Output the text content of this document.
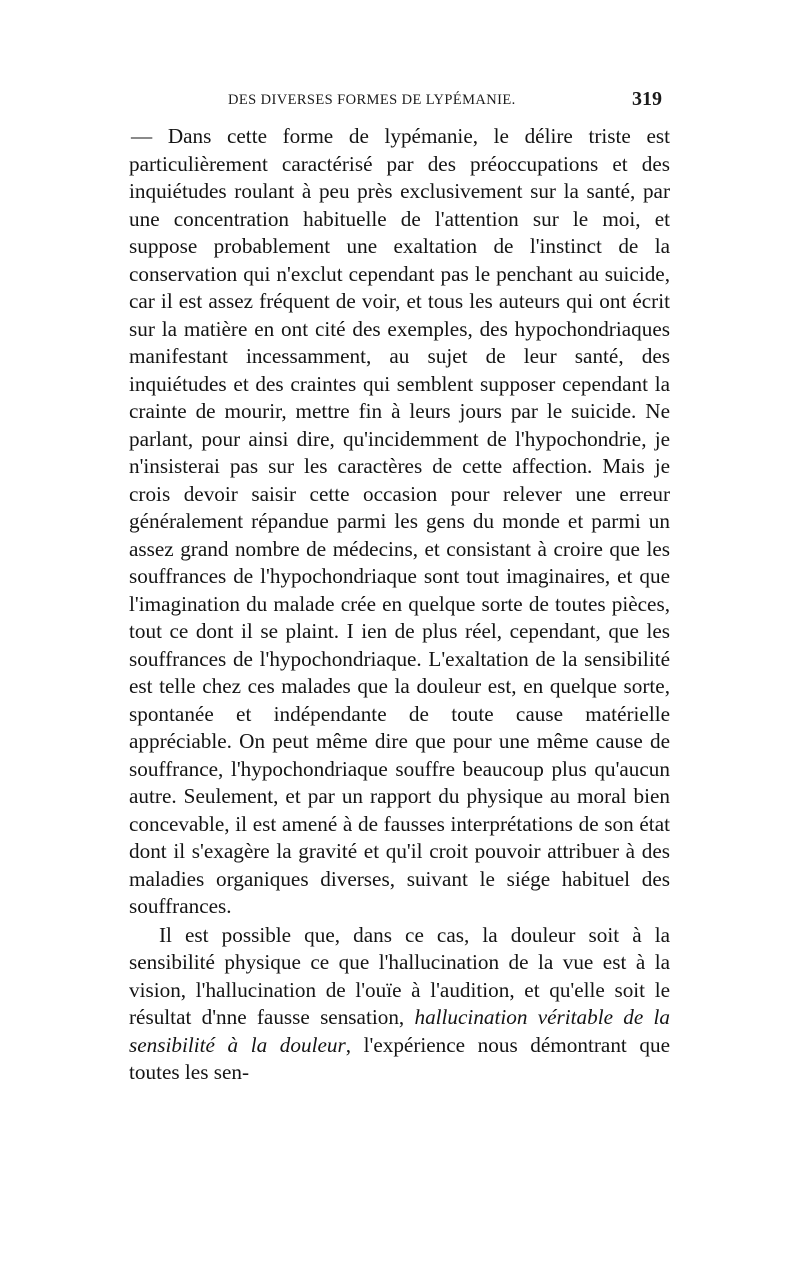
DES DIVERSES FORMES DE LYPÉMANIE.	319

— Dans cette forme de lypémanie, le délire triste est particulièrement caractérisé par des préoccupations et des inquiétudes roulant à peu près exclusivement sur la santé, par une concentration habituelle de l'attention sur le moi, et suppose probablement une exaltation de l'instinct de la conservation qui n'exclut cependant pas le penchant au suicide, car il est assez fréquent de voir, et tous les auteurs qui ont écrit sur la matière en ont cité des exemples, des hypochondriaques manifestant incessamment, au sujet de leur santé, des inquiétudes et des craintes qui semblent supposer cependant la crainte de mourir, mettre fin à leurs jours par le suicide. Ne parlant, pour ainsi dire, qu'incidemment de l'hypochondrie, je n'insisterai pas sur les caractères de cette affection. Mais je crois devoir saisir cette occasion pour relever une erreur généralement répandue parmi les gens du monde et parmi un assez grand nombre de médecins, et consistant à croire que les souffrances de l'hypochondriaque sont tout imaginaires, et que l'imagination du malade crée en quelque sorte de toutes pièces, tout ce dont il se plaint. I ien de plus réel, cependant, que les souffrances de l'hypochondriaque. L'exaltation de la sensibilité est telle chez ces malades que la douleur est, en quelque sorte, spontanée et indépendante de toute cause matérielle appréciable. On peut même dire que pour une même cause de souffrance, l'hypochondriaque souffre beaucoup plus qu'aucun autre. Seulement, et par un rapport du physique au moral bien concevable, il est amené à de fausses interprétations de son état dont il s'exagère la gravité et qu'il croit pouvoir attribuer à des maladies organiques diverses, suivant le siége habituel des souffrances.

Il est possible que, dans ce cas, la douleur soit à la sensibilité physique ce que l'hallucination de la vue est à la vision, l'hallucination de l'ouïe à l'audition, et qu'elle soit le résultat d'nne fausse sensation, hallucination véritable de la sensibilité à la douleur, l'expérience nous démontrant que toutes les sen-
